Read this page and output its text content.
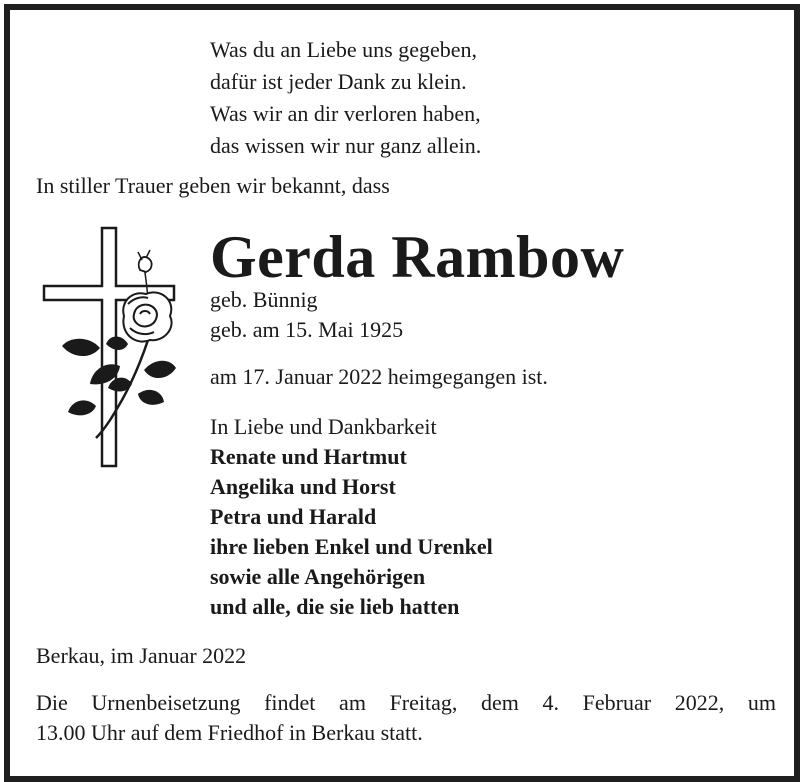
Was du an Liebe uns gegeben,
dafür ist jeder Dank zu klein.
Was wir an dir verloren haben,
das wissen wir nur ganz allein.
In stiller Trauer geben wir bekannt, dass
Gerda Rambow
geb. Bünnig
geb. am 15. Mai 1925
am 17. Januar 2022 heimgegangen ist.
In Liebe und Dankbarkeit
Renate und Hartmut
Angelika und Horst
Petra und Harald
ihre lieben Enkel und Urenkel
sowie alle Angehörigen
und alle, die sie lieb hatten
Berkau, im Januar 2022
Die Urnenbeisetzung findet am Freitag, dem 4. Februar 2022, um
13.00 Uhr auf dem Friedhof in Berkau statt.
